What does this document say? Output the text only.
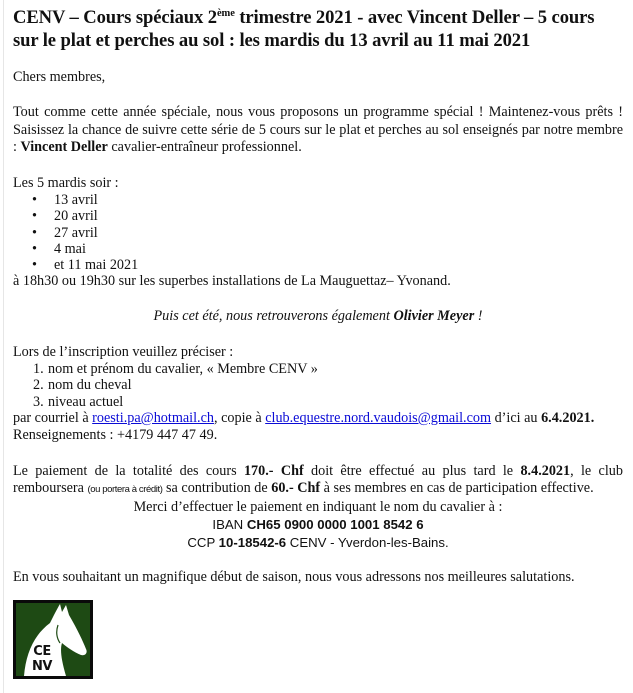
CENV – Cours spéciaux 2ème trimestre 2021 - avec Vincent Deller – 5 cours sur le plat et perches au sol : les mardis du 13 avril au 11 mai 2021

Chers membres,

Tout comme cette année spéciale, nous vous proposons un programme spécial ! Maintenez-vous prêts ! Saisissez la chance de suivre cette série de 5 cours sur le plat et perches au sol enseignés par notre membre : Vincent Deller cavalier-entraîneur professionnel.

Les 5 mardis soir :

• 13 avril
• 20 avril
• 27 avril
• 4 mai
• et 11 mai 2021

à 18h30 ou 19h30 sur les superbes installations de La Mauguettaz– Yvonand.

Puis cet été, nous retrouverons également Olivier Meyer !

Lors de l’inscription veuillez préciser :

1. nom et prénom du cavalier, « Membre CENV »
2. nom du cheval
3. niveau actuel

par courriel à roesti.pa@hotmail.ch, copie à club.equestre.nord.vaudois@gmail.com d’ici au 6.4.2021.

Renseignements : +4179 447 47 49.

Le paiement de la totalité des cours 170.- Chf doit être effectué au plus tard le 8.4.2021, le club remboursera (ou portera à crédit) sa contribution de 60.- Chf à ses membres en cas de participation effective.

Merci d’effectuer le paiement en indiquant le nom du cavalier à :

IBAN CH65 0900 0000 1001 8542 6

CCP 10-18542-6 CENV - Yverdon-les-Bains.

En vous souhaitant un magnifique début de saison, nous vous adressons nos meilleures salutations.

CE
NV
